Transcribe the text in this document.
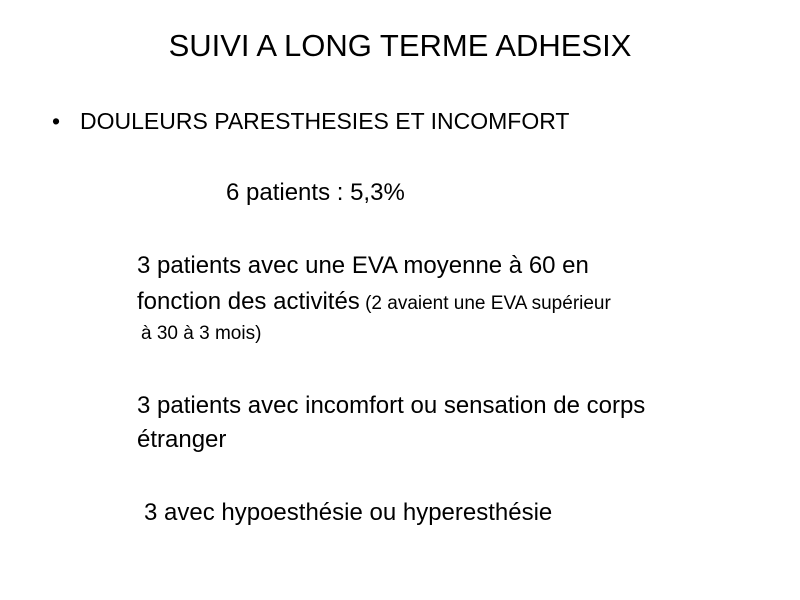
SUIVI A LONG TERME ADHESIX
• DOULEURS PARESTHESIES ET INCOMFORT
6 patients : 5,3%
3 patients avec une EVA moyenne à 60 en
fonction des activités (2 avaient une EVA supérieur
à 30 à 3 mois)
3 patients avec incomfort ou sensation de corps
étranger
3 avec hypoesthésie ou hyperesthésie
